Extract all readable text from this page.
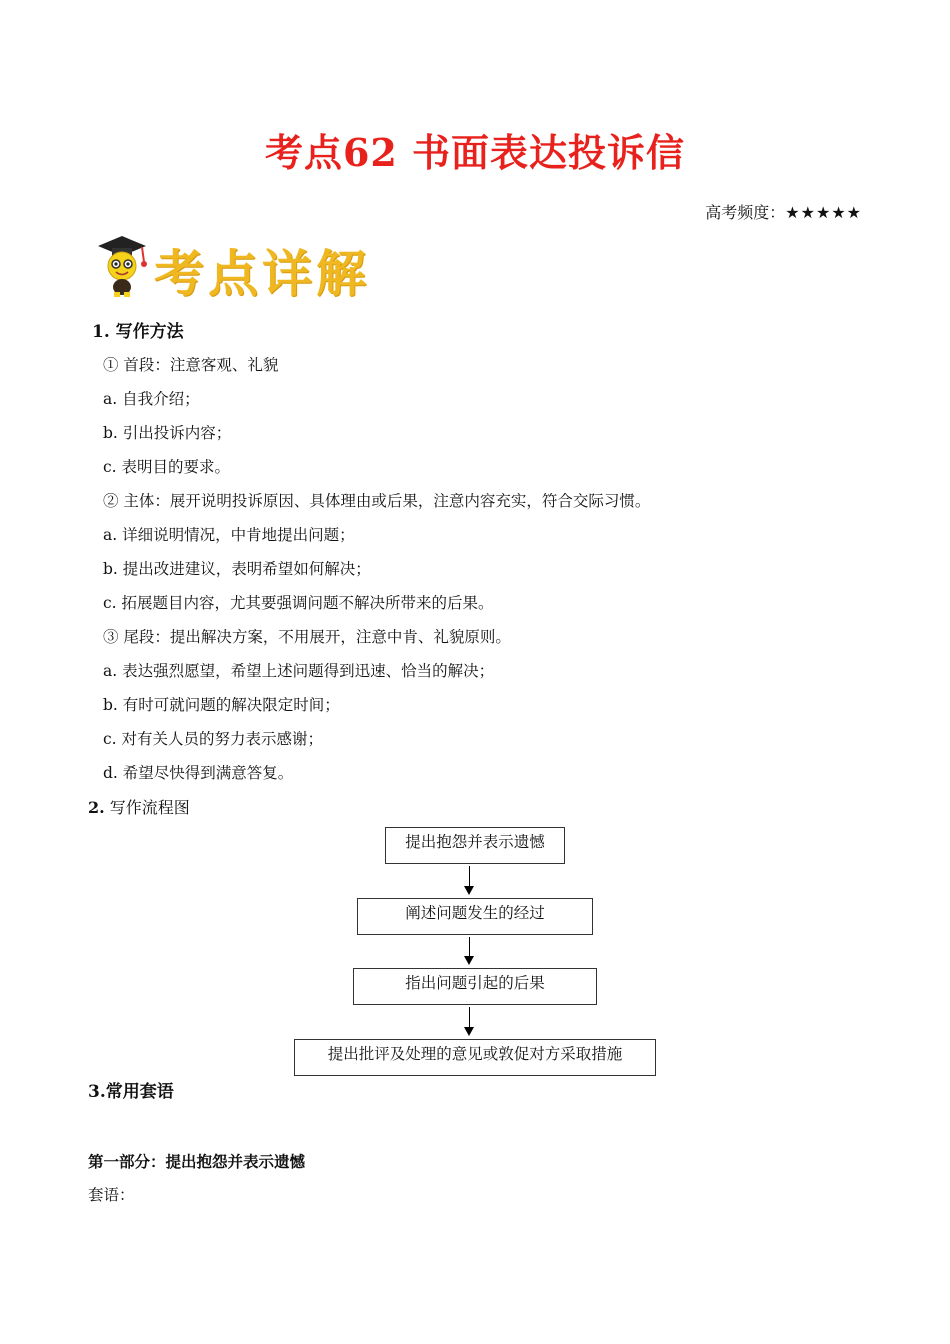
考点62 书面表达投诉信
高考频度：★★★★★
考点详解
1. 写作方法
① 首段：注意客观、礼貌
a. 自我介绍；
b. 引出投诉内容；
c. 表明目的要求。
② 主体：展开说明投诉原因、具体理由或后果，注意内容充实，符合交际习惯。
a. 详细说明情况，中肯地提出问题；
b. 提出改进建议，表明希望如何解决；
c. 拓展题目内容，尤其要强调问题不解决所带来的后果。
③ 尾段：提出解决方案，不用展开，注意中肯、礼貌原则。
a. 表达强烈愿望，希望上述问题得到迅速、恰当的解决；
b. 有时可就问题的解决限定时间；
c. 对有关人员的努力表示感谢；
d. 希望尽快得到满意答复。
2. 写作流程图
提出抱怨并表示遗憾
阐述问题发生的经过
指出问题引起的后果
提出批评及处理的意见或敦促对方采取措施
3.常用套语
第一部分：提出抱怨并表示遗憾
套语：
